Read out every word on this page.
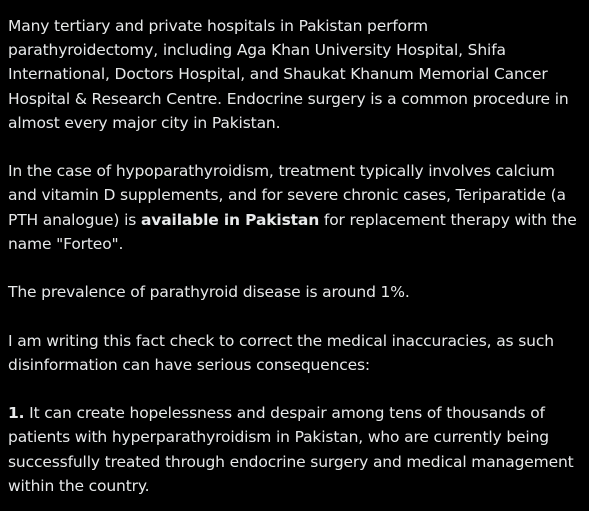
Many tertiary and private hospitals in Pakistan perform parathyroidectomy, including Aga Khan University Hospital, Shifa International, Doctors Hospital, and Shaukat Khanum Memorial Cancer Hospital & Research Centre. Endocrine surgery is a common procedure in almost every major city in Pakistan.

In the case of hypoparathyroidism, treatment typically involves calcium and vitamin D supplements, and for severe chronic cases, Teriparatide (a PTH analogue) is available in Pakistan for replacement therapy with the name "Forteo".

The prevalence of parathyroid disease is around 1%.

I am writing this fact check to correct the medical inaccuracies, as such disinformation can have serious consequences:

1. It can create hopelessness and despair among tens of thousands of patients with hyperparathyroidism in Pakistan, who are currently being successfully treated through endocrine surgery and medical management within the country.
